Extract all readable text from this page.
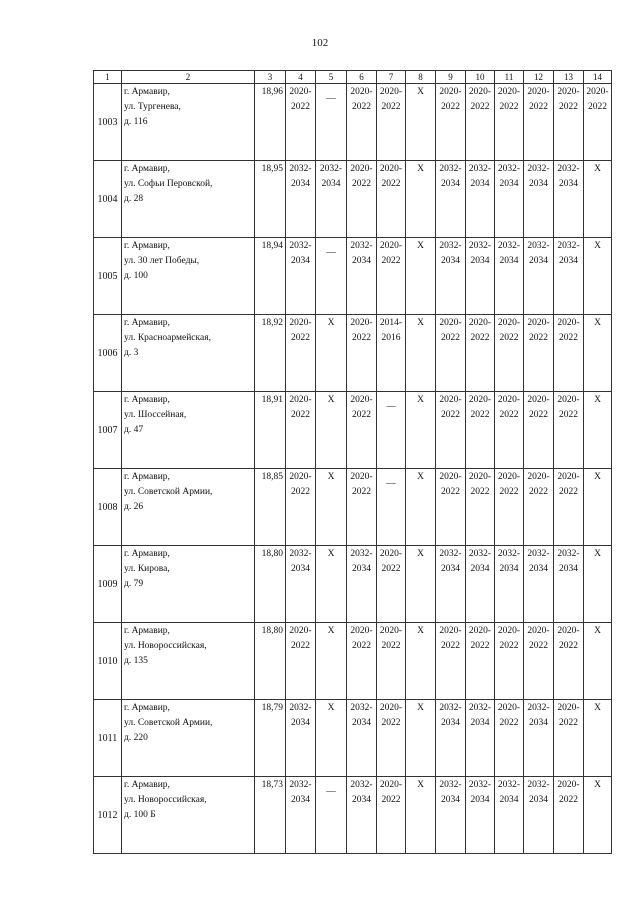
102
1	2	3	4	5	6	7	8	9	10	11	12	13	14
1003	г. Армавир,
ул. Тургенева,
д. 116	18,96	2020-
2022	—	2020-
2022	2020-
2022	X	2020-
2022	2020-
2022	2020-
2022	2020-
2022	2020-
2022	2020-
2022

1004	г. Армавир,
ул. Софьи Перовской,
д. 28	18,95	2032-
2034	2032-
2034	2020-
2022	2020-
2022	X	2032-
2034	2032-
2034	2032-
2034	2032-
2034	2032-
2034	X

1005	г. Армавир,
ул. 30 лет Победы,
д. 100	18,94	2032-
2034	—	2032-
2034	2020-
2022	X	2032-
2034	2032-
2034	2032-
2034	2032-
2034	2032-
2034	X

1006	г. Армавир,
ул. Красноармейская,
д. 3	18,92	2020-
2022	X	2020-
2022	2014-
2016	X	2020-
2022	2020-
2022	2020-
2022	2020-
2022	2020-
2022	X

1007	г. Армавир,
ул. Шоссейная,
д. 47	18,91	2020-
2022	X	2020-
2022	—	X	2020-
2022	2020-
2022	2020-
2022	2020-
2022	2020-
2022	X

1008	г. Армавир,
ул. Советской Армии,
д. 26	18,85	2020-
2022	X	2020-
2022	—	X	2020-
2022	2020-
2022	2020-
2022	2020-
2022	2020-
2022	X

1009	г. Армавир,
ул. Кирова,
д. 79	18,80	2032-
2034	X	2032-
2034	2020-
2022	X	2032-
2034	2032-
2034	2032-
2034	2032-
2034	2032-
2034	X

1010	г. Армавир,
ул. Новороссийская,
д. 135	18,80	2020-
2022	X	2020-
2022	2020-
2022	X	2020-
2022	2020-
2022	2020-
2022	2020-
2022	2020-
2022	X

1011	г. Армавир,
ул. Советской Армии,
д. 220	18,79	2032-
2034	X	2032-
2034	2020-
2022	X	2032-
2034	2032-
2034	2020-
2022	2032-
2034	2020-
2022	X

1012	г. Армавир,
ул. Новороссийская,
д. 100 Б	18,73	2032-
2034	—	2032-
2034	2020-
2022	X	2032-
2034	2032-
2034	2032-
2034	2032-
2034	2020-
2022	X
